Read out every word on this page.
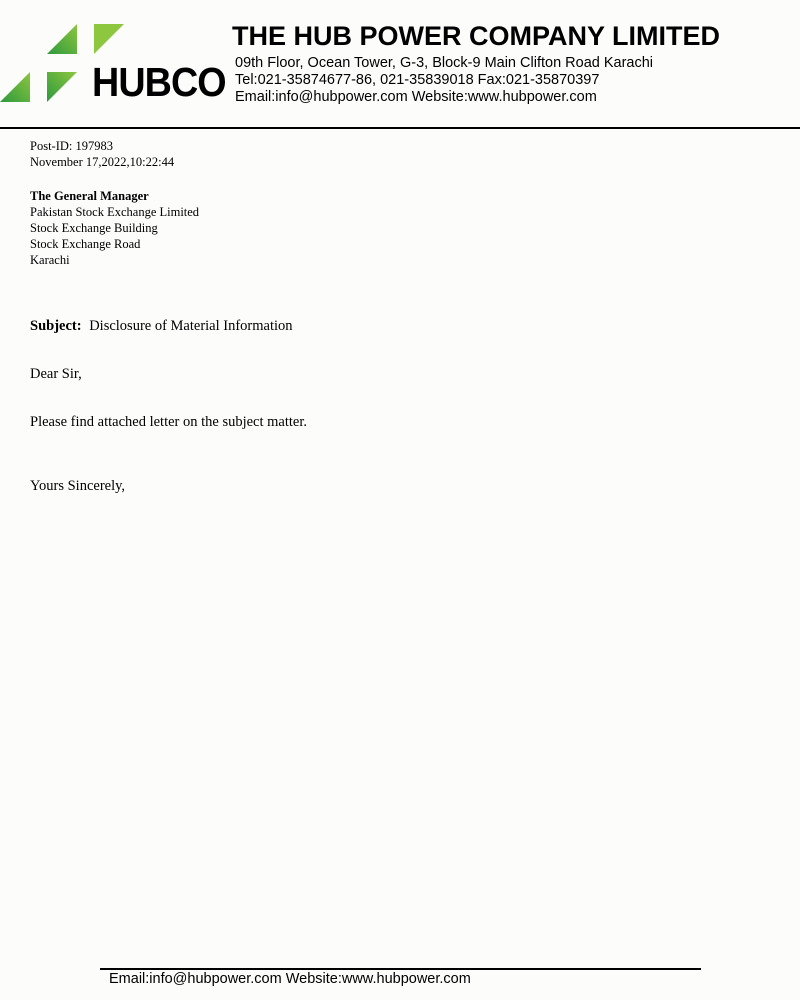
HUBCO
THE HUB POWER COMPANY LIMITED
09th Floor, Ocean Tower, G-3, Block-9 Main Clifton Road Karachi
Tel:021-35874677-86, 021-35839018 Fax:021-35870397
Email:info@hubpower.com Website:www.hubpower.com
Post-ID: 197983
November 17,2022,10:22:44
The General Manager
Pakistan Stock Exchange Limited
Stock Exchange Building
Stock Exchange Road
Karachi
Subject: Disclosure of Material Information
Dear Sir,
Please find attached letter on the subject matter.
Yours Sincerely,
Email:info@hubpower.com Website:www.hubpower.com
